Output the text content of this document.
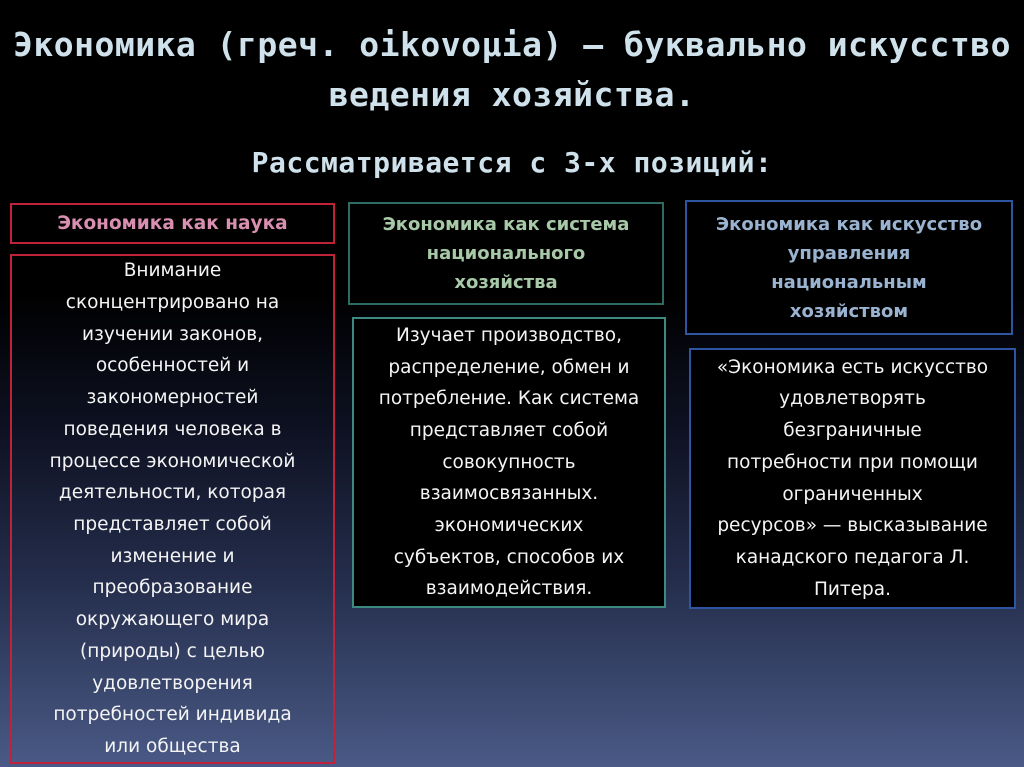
Экономика (греч. oikovoμia) – буквально искусство ведения хозяйства.
Рассматривается с 3-х позиций:
Экономика как наука	Экономика как система
национального
хозяйства
Экономика как искусство
управления
национальным
хозяйством
Внимание
сконцентрировано на
изучении законов,
особенностей и
закономерностей
поведения человека в
процессе экономической
деятельности, которая
представляет собой
изменение и
преобразование
окружающего мира
(природы) с целью
удовлетворения
потребностей индивида
или общества
Изучает производство,
распределение, обмен и
потребление. Как система
представляет собой
совокупность
взаимосвязанных.
экономических
субъектов, способов их
взаимодействия.
«Экономика есть искусство
удовлетворять
безграничные
потребности при помощи
ограниченных
ресурсов» — высказывание
канадского педагога Л.
Питера.
